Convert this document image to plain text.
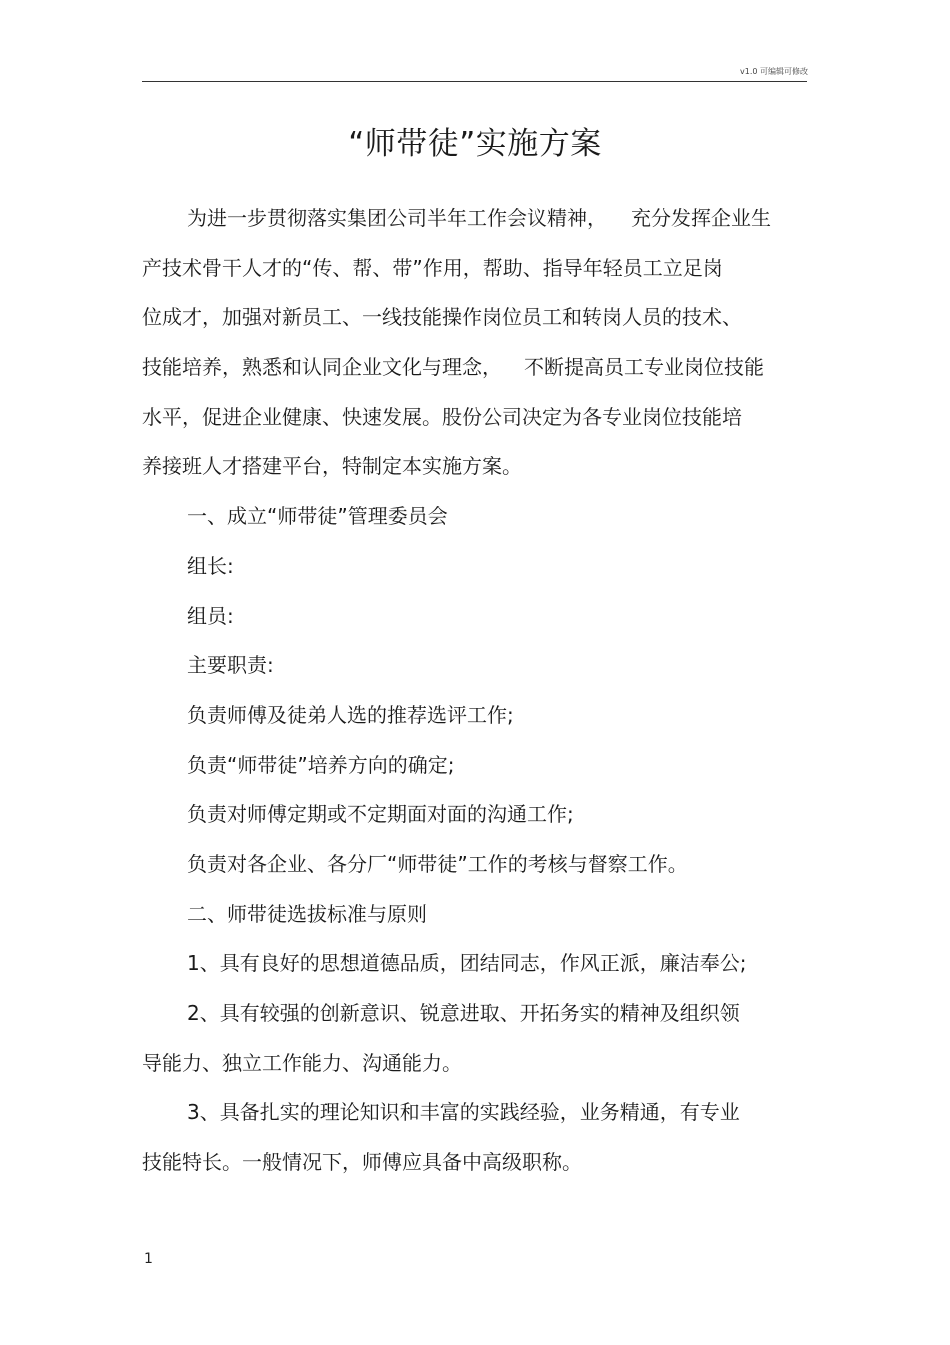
v1.0 可编辑可修改
“师带徒”实施方案
为进一步贯彻落实集团公司半年工作会议精神， 充分发挥企业生
产技术骨干人才的“传、帮、带”作用，帮助、指导年轻员工立足岗
位成才，加强对新员工、一线技能操作岗位员工和转岗人员的技术、
技能培养，熟悉和认同企业文化与理念， 不断提高员工专业岗位技能
水平，促进企业健康、快速发展。股份公司决定为各专业岗位技能培
养接班人才搭建平台，特制定本实施方案。
一、成立“师带徒”管理委员会
组长:
组员:
主要职责:
负责师傅及徒弟人选的推荐选评工作;
负责“师带徒”培养方向的确定;
负责对师傅定期或不定期面对面的沟通工作;
负责对各企业、各分厂“师带徒”工作的考核与督察工作。
二、师带徒选拔标准与原则
1、具有良好的思想道德品质，团结同志，作风正派，廉洁奉公;
2、具有较强的创新意识、锐意进取、开拓务实的精神及组织领
导能力、独立工作能力、沟通能力。
3、具备扎实的理论知识和丰富的实践经验，业务精通，有专业
技能特长。一般情况下，师傅应具备中高级职称。
1
